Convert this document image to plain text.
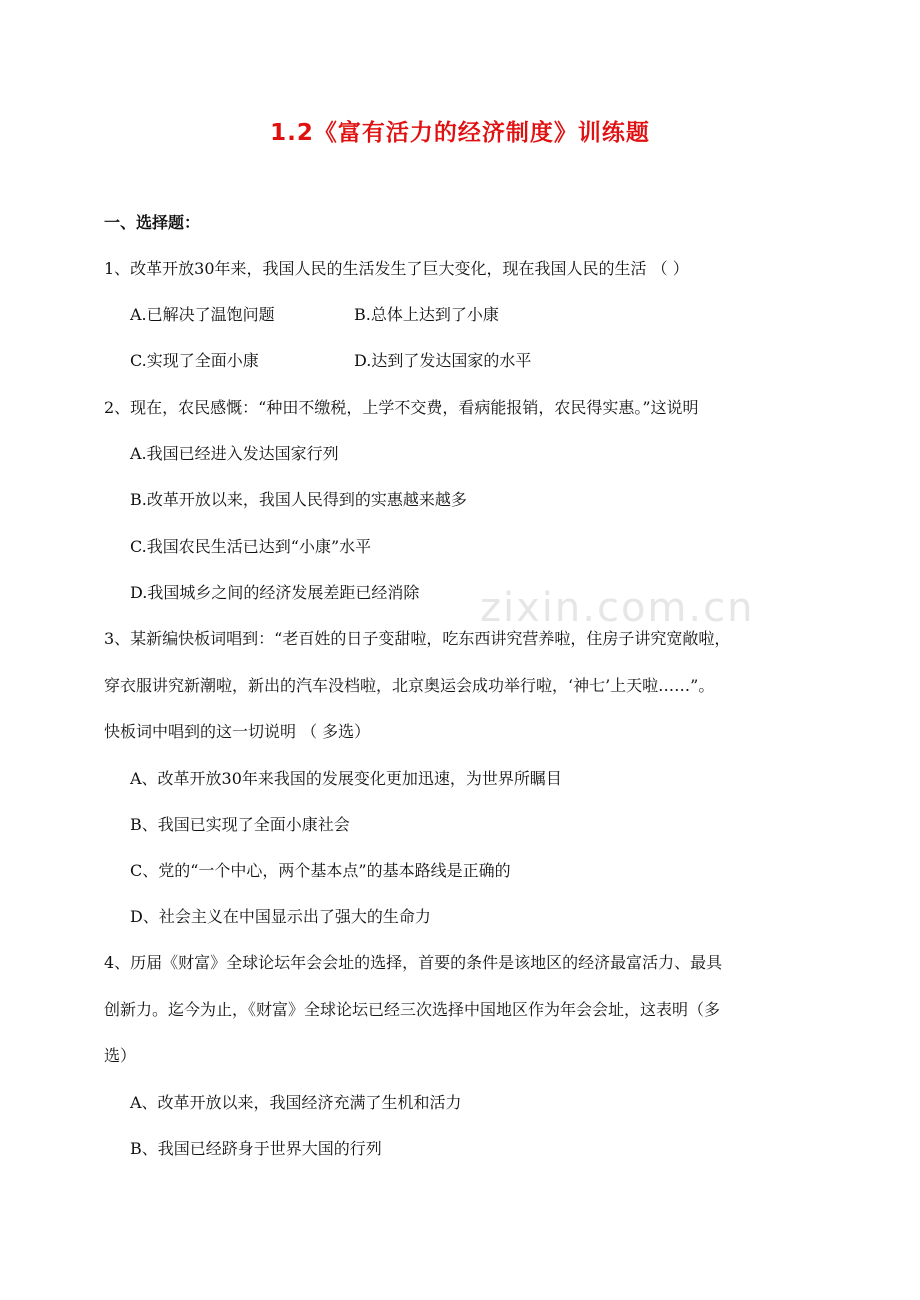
zixin.com.cn
1.2《富有活力的经济制度》训练题
一、选择题：
1、改革开放30年来，我国人民的生活发生了巨大变化，现在我国人民的生活 （ ）
A.已解决了温饱问题	B.总体上达到了小康
C.实现了全面小康	D.达到了发达国家的水平
2、现在，农民感慨：“种田不缴税，上学不交费，看病能报销，农民得实惠。”这说明
A.我国已经进入发达国家行列
B.改革开放以来，我国人民得到的实惠越来越多
C.我国农民生活已达到“小康”水平
D.我国城乡之间的经济发展差距已经消除
3、某新编快板词唱到：“老百姓的日子变甜啦，吃东西讲究营养啦，住房子讲究宽敞啦，
穿衣服讲究新潮啦，新出的汽车没档啦，北京奥运会成功举行啦，‘神七’上天啦……”。
快板词中唱到的这一切说明 （ 多选）
A、改革开放30年来我国的发展变化更加迅速，为世界所瞩目
B、我国已实现了全面小康社会
C、党的“一个中心，两个基本点”的基本路线是正确的
D、社会主义在中国显示出了强大的生命力
4、历届《财富》全球论坛年会会址的选择，首要的条件是该地区的经济最富活力、最具
创新力。迄今为止，《财富》全球论坛已经三次选择中国地区作为年会会址，这表明（多
选）
A、改革开放以来，我国经济充满了生机和活力
B、我国已经跻身于世界大国的行列
